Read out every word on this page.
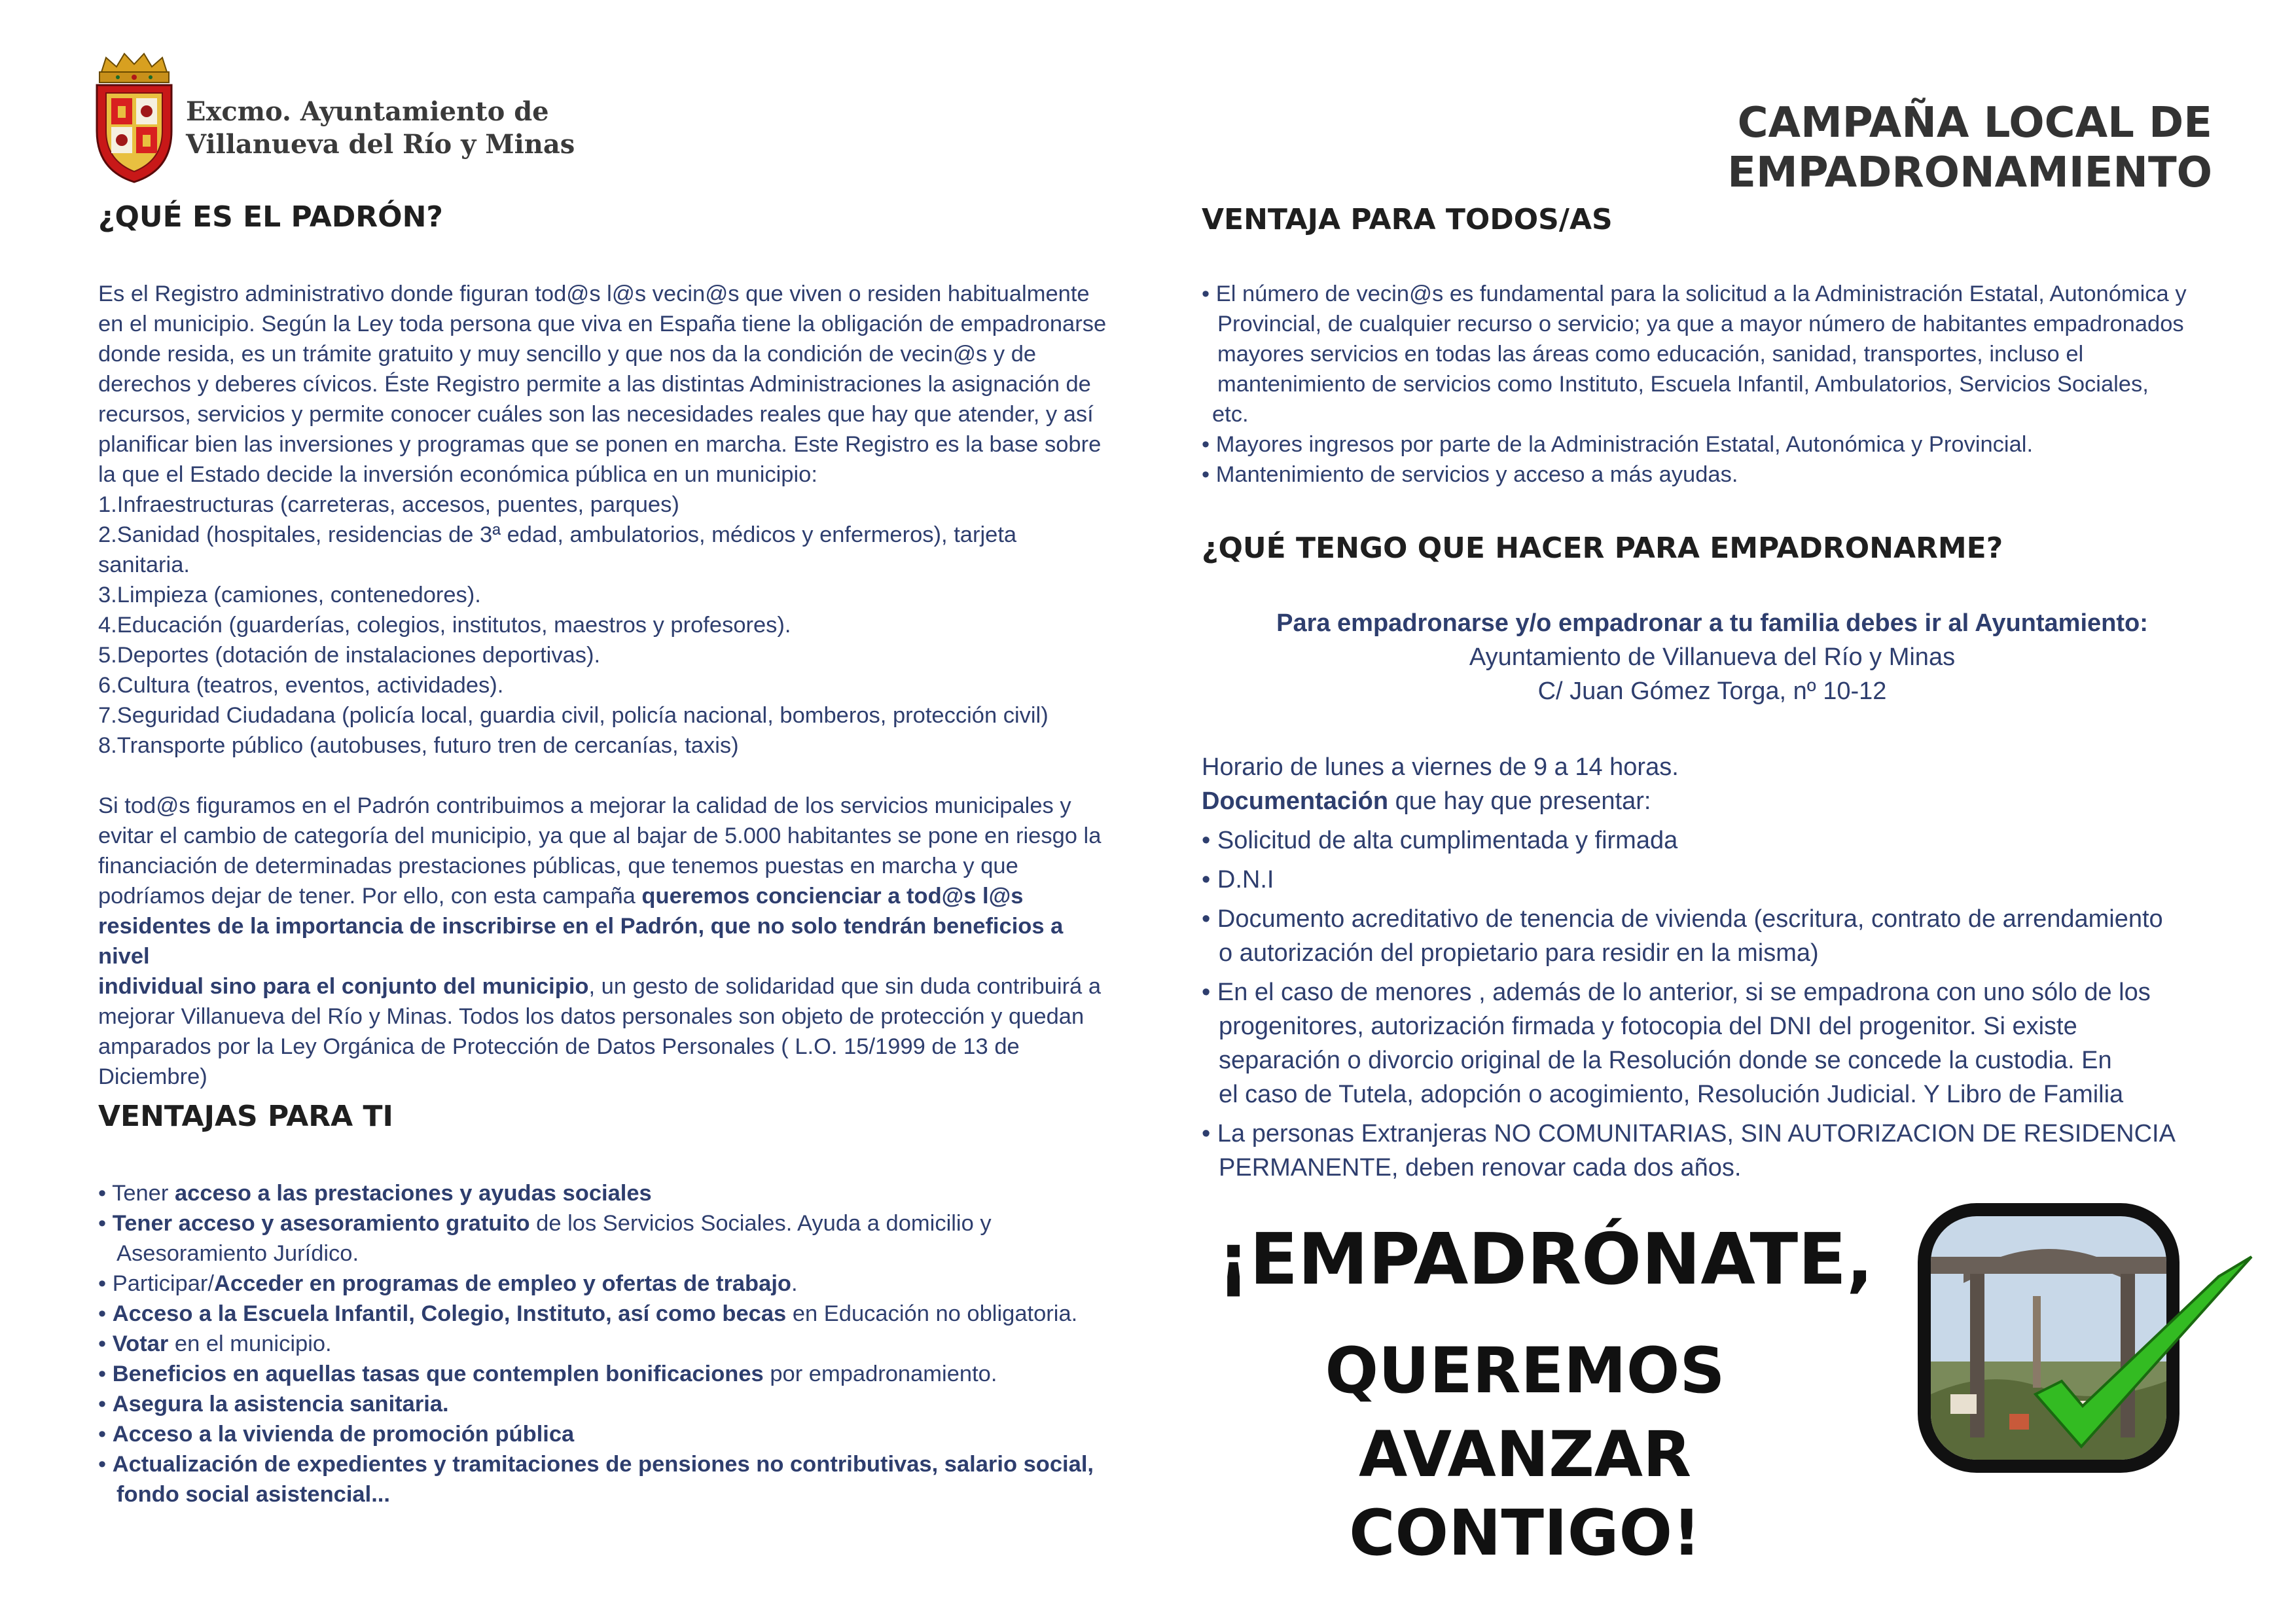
Excmo. Ayuntamiento de
Villanueva del Río y Minas	CAMPAÑA LOCAL DE
EMPADRONAMIENTO
¿QUÉ ES EL PADRÓN?

Es el Registro administrativo donde figuran tod@s l@s vecin@s que viven o residen habitualmente

en el municipio. Según la Ley toda persona que viva en España tiene la obligación de empadronarse

donde resida, es un trámite gratuito y muy sencillo y que nos da la condición de vecin@s y de

derechos y deberes cívicos. Éste Registro permite a las distintas Administraciones la asignación de

recursos, servicios y permite conocer cuáles son las necesidades reales que hay que atender, y así

planificar bien las inversiones y programas que se ponen en marcha. Este Registro es la base sobre

la que el Estado decide la inversión económica pública en un municipio:

1.Infraestructuras (carreteras, accesos, puentes, parques)

2.Sanidad (hospitales, residencias de 3ª edad, ambulatorios, médicos y enfermeros), tarjeta

sanitaria.

3.Limpieza (camiones, contenedores).

4.Educación (guarderías, colegios, institutos, maestros y profesores).

5.Deportes (dotación de instalaciones deportivas).

6.Cultura (teatros, eventos, actividades).

7.Seguridad Ciudadana (policía local, guardia civil, policía nacional, bomberos, protección civil)

8.Transporte público (autobuses, futuro tren de cercanías, taxis)

Si tod@s figuramos en el Padrón contribuimos a mejorar la calidad de los servicios municipales y

evitar el cambio de categoría del municipio, ya que al bajar de 5.000 habitantes se pone en riesgo la

financiación de determinadas prestaciones públicas, que tenemos puestas en marcha y que

podríamos dejar de tener. Por ello, con esta campaña queremos concienciar a tod@s l@s

residentes de la importancia de inscribirse en el Padrón, que no solo tendrán beneficios a nivel

individual sino para el conjunto del municipio, un gesto de solidaridad que sin duda contribuirá a

mejorar Villanueva del Río y Minas. Todos los datos personales son objeto de protección y quedan

amparados por la Ley Orgánica de Protección de Datos Personales ( L.O. 15/1999 de 13 de

Diciembre)

VENTAJAS PARA TI
• Tener acceso a las prestaciones y ayudas sociales
• Tener acceso y asesoramiento gratuito de los Servicios Sociales. Ayuda a domicilio y
Asesoramiento Jurídico.
• Participar/Acceder en programas de empleo y ofertas de trabajo.
• Acceso a la Escuela Infantil, Colegio, Instituto, así como becas en Educación no obligatoria.
• Votar en el municipio.
• Beneficios en aquellas tasas que contemplen bonificaciones por empadronamiento.
• Asegura la asistencia sanitaria.
• Acceso a la vivienda de promoción pública
• Actualización de expedientes y tramitaciones de pensiones no contributivas, salario social,
fondo social asistencial...
VENTAJA PARA TODOS/AS
• El número de vecin@s es fundamental para la solicitud a la Administración Estatal, Autonómica y
Provincial, de cualquier recurso o servicio; ya que a mayor número de habitantes empadronados
mayores servicios en todas las áreas como educación, sanidad, transportes, incluso el
mantenimiento de servicios como Instituto, Escuela Infantil, Ambulatorios, Servicios Sociales,
etc.
• Mayores ingresos por parte de la Administración Estatal, Autonómica y Provincial.
• Mantenimiento de servicios y acceso a más ayudas.
¿QUÉ TENGO QUE HACER PARA EMPADRONARME?
Para empadronarse y/o empadronar a tu familia debes ir al Ayuntamiento:
Ayuntamiento de Villanueva del Río y Minas
C/ Juan Gómez Torga, nº 10-12
Horario de lunes a viernes de 9 a 14 horas.
Documentación que hay que presentar:
• Solicitud de alta cumplimentada y firmada
• D.N.I
• Documento acreditativo de tenencia de vivienda (escritura, contrato de arrendamiento
o autorización del propietario para residir en la misma)
• En el caso de menores , además de lo anterior, si se empadrona con uno sólo de los
progenitores, autorización firmada y fotocopia del DNI del progenitor. Si existe
separación o divorcio original de la Resolución donde se concede la custodia. En
el caso de Tutela, adopción o acogimiento, Resolución Judicial. Y Libro de Familia
• La personas Extranjeras NO COMUNITARIAS, SIN AUTORIZACION DE RESIDENCIA
PERMANENTE, deben renovar cada dos años.
¡EMPADRÓNATE,
QUEREMOS
AVANZAR CONTIGO!
